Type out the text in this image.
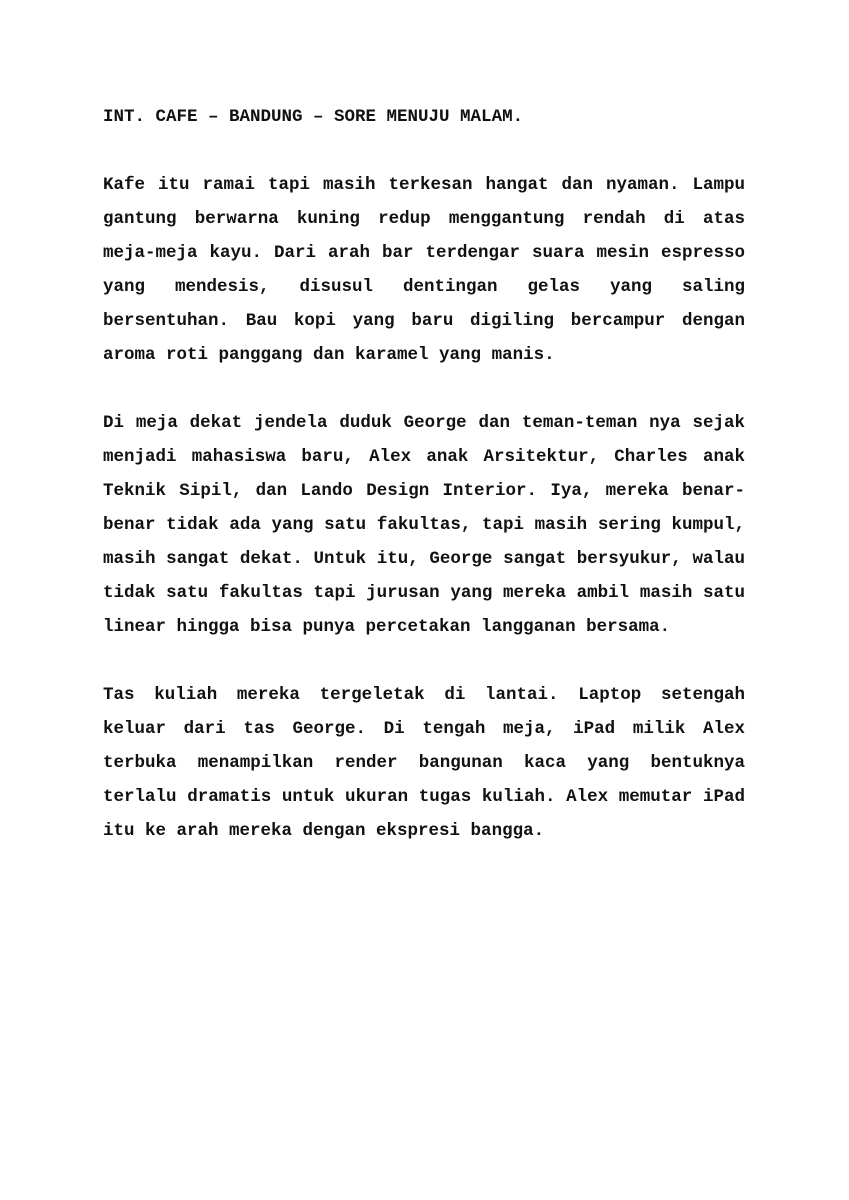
INT. CAFE – BANDUNG – SORE MENUJU MALAM.

Kafe itu ramai tapi masih terkesan hangat dan nyaman. Lampu gantung berwarna kuning redup menggantung rendah di atas meja-meja kayu. Dari arah bar terdengar suara mesin espresso yang mendesis, disusul dentingan gelas yang saling bersentuhan. Bau kopi yang baru digiling bercampur dengan aroma roti panggang dan karamel yang manis.

Di meja dekat jendela duduk George dan teman-teman nya sejak menjadi mahasiswa baru, Alex anak Arsitektur, Charles anak Teknik Sipil, dan Lando Design Interior. Iya, mereka benar-benar tidak ada yang satu fakultas, tapi masih sering kumpul, masih sangat dekat. Untuk itu, George sangat bersyukur, walau tidak satu fakultas tapi jurusan yang mereka ambil masih satu linear hingga bisa punya percetakan langganan bersama.

Tas kuliah mereka tergeletak di lantai. Laptop setengah keluar dari tas George. Di tengah meja, iPad milik Alex terbuka menampilkan render bangunan kaca yang bentuknya terlalu dramatis untuk ukuran tugas kuliah. Alex memutar iPad itu ke arah mereka dengan ekspresi bangga.
